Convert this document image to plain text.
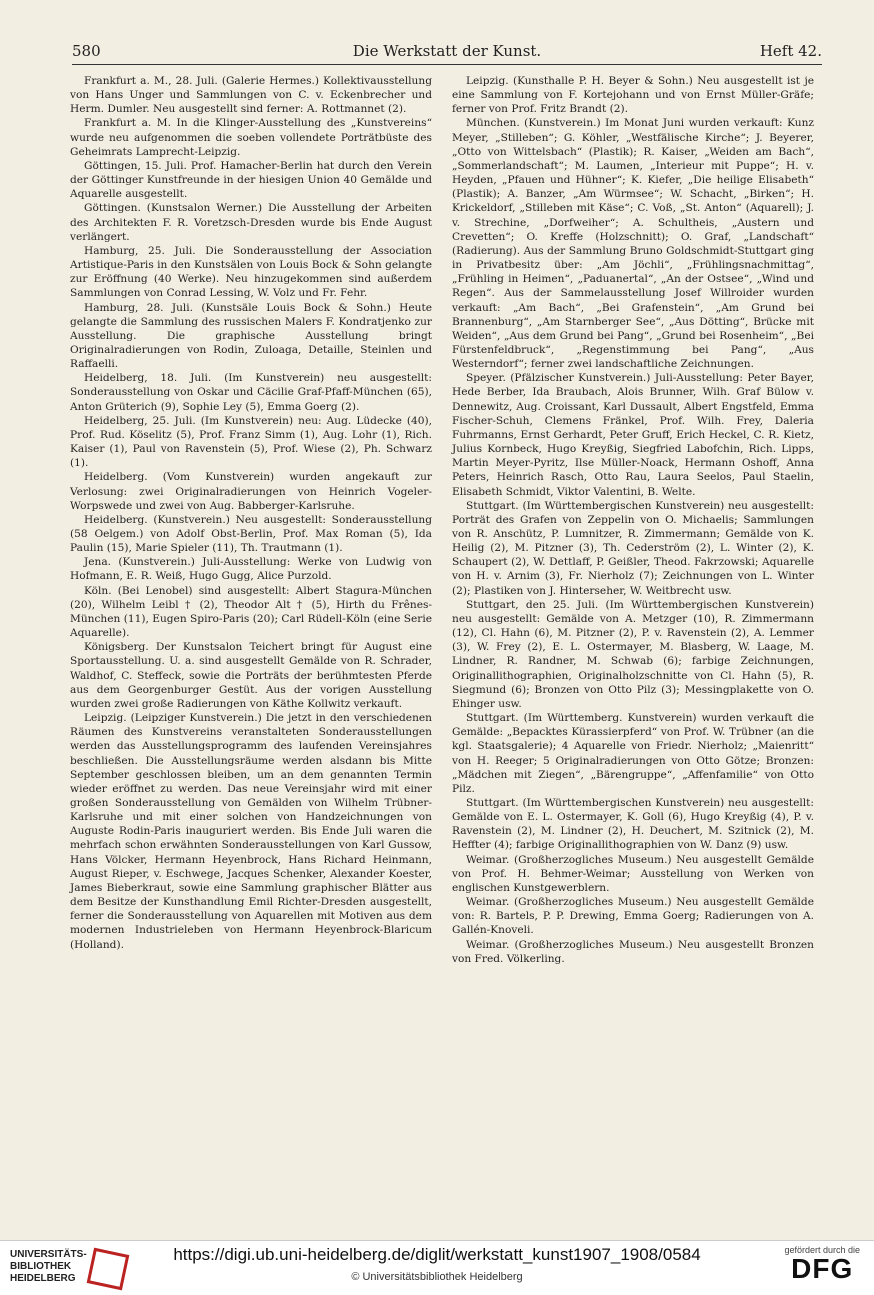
580	Die Werkstatt der Kunst.	Heft 42.

Frankfurt a. M., 28. Juli. (Galerie Hermes.) Kollektivausstellung von Hans Unger und Sammlungen von C. v. Eckenbrecher und Herm. Dumler. Neu ausgestellt sind ferner: A. Rottmannet (2).

Frankfurt a. M. In die Klinger-Ausstellung des „Kunstvereins“ wurde neu aufgenommen die soeben vollendete Porträtbüste des Geheimrats Lamprecht-Leipzig.

Göttingen, 15. Juli. Prof. Hamacher-Berlin hat durch den Verein der Göttinger Kunstfreunde in der hiesigen Union 40 Gemälde und Aquarelle ausgestellt.

Göttingen. (Kunstsalon Werner.) Die Ausstellung der Arbeiten des Architekten F. R. Voretzsch-Dresden wurde bis Ende August verlängert.

Hamburg, 25. Juli. Die Sonderausstellung der Association Artistique-Paris in den Kunstsälen von Louis Bock & Sohn gelangte zur Eröffnung (40 Werke). Neu hinzugekommen sind außerdem Sammlungen von Conrad Lessing, W. Volz und Fr. Fehr.

Hamburg, 28. Juli. (Kunstsäle Louis Bock & Sohn.) Heute gelangte die Sammlung des russischen Malers F. Kondratjenko zur Ausstellung. Die graphische Ausstellung bringt Originalradierungen von Rodin, Zuloaga, Detaille, Steinlen und Raffaelli.

Heidelberg, 18. Juli. (Im Kunstverein) neu ausgestellt: Sonderausstellung von Oskar und Cäcilie Graf-Pfaff-München (65), Anton Grüterich (9), Sophie Ley (5), Emma Goerg (2).

Heidelberg, 25. Juli. (Im Kunstverein) neu: Aug. Lüdecke (40), Prof. Rud. Köselitz (5), Prof. Franz Simm (1), Aug. Lohr (1), Rich. Kaiser (1), Paul von Ravenstein (5), Prof. Wiese (2), Ph. Schwarz (1).

Heidelberg. (Vom Kunstverein) wurden angekauft zur Verlosung: zwei Originalradierungen von Heinrich Vogeler-Worpswede und zwei von Aug. Babberger-Karlsruhe.

Heidelberg. (Kunstverein.) Neu ausgestellt: Sonderausstellung (58 Oelgem.) von Adolf Obst-Berlin, Prof. Max Roman (5), Ida Paulin (15), Marie Spieler (11), Th. Trautmann (1).

Jena. (Kunstverein.) Juli-Ausstellung: Werke von Ludwig von Hofmann, E. R. Weiß, Hugo Gugg, Alice Purzold.

Köln. (Bei Lenobel) sind ausgestellt: Albert Stagura-München (20), Wilhelm Leibl † (2), Theodor Alt † (5), Hirth du Frênes-München (11), Eugen Spiro-Paris (20); Carl Rüdell-Köln (eine Serie Aquarelle).

Königsberg. Der Kunstsalon Teichert bringt für August eine Sportausstellung. U. a. sind ausgestellt Gemälde von R. Schrader, Waldhof, C. Steffeck, sowie die Porträts der berühmtesten Pferde aus dem Georgenburger Gestüt. Aus der vorigen Ausstellung wurden zwei große Radierungen von Käthe Kollwitz verkauft.

Leipzig. (Leipziger Kunstverein.) Die jetzt in den verschiedenen Räumen des Kunstvereins veranstalteten Sonderausstellungen werden das Ausstellungsprogramm des laufenden Vereinsjahres beschließen. Die Ausstellungsräume werden alsdann bis Mitte September geschlossen bleiben, um an dem genannten Termin wieder eröffnet zu werden. Das neue Vereinsjahr wird mit einer großen Sonderausstellung von Gemälden von Wilhelm Trübner-Karlsruhe und mit einer solchen von Handzeichnungen von Auguste Rodin-Paris inauguriert werden. Bis Ende Juli waren die mehrfach schon erwähnten Sonderausstellungen von Karl Gussow, Hans Völcker, Hermann Heyenbrock, Hans Richard Heinmann, August Rieper, v. Eschwege, Jacques Schenker, Alexander Koester, James Bieberkraut, sowie eine Sammlung graphischer Blätter aus dem Besitze der Kunsthandlung Emil Richter-Dresden ausgestellt, ferner die Sonderausstellung von Aquarellen mit Motiven aus dem modernen Industrieleben von Hermann Heyenbrock-Blaricum (Holland).

Leipzig. (Kunsthalle P. H. Beyer & Sohn.) Neu ausgestellt ist je eine Sammlung von F. Kortejohann und von Ernst Müller-Gräfe; ferner von Prof. Fritz Brandt (2).

München. (Kunstverein.) Im Monat Juni wurden verkauft: Kunz Meyer, „Stilleben“; G. Köhler, „Westfälische Kirche“; J. Beyerer, „Otto von Wittelsbach“ (Plastik); R. Kaiser, „Weiden am Bach“, „Sommerlandschaft“; M. Laumen, „Interieur mit Puppe“; H. v. Heyden, „Pfauen und Hühner“; K. Kiefer, „Die heilige Elisabeth“ (Plastik); A. Banzer, „Am Würmsee“; W. Schacht, „Birken“; H. Krickeldorf, „Stilleben mit Käse“; C. Voß, „St. Anton“ (Aquarell); J. v. Strechine, „Dorfweiher“; A. Schultheis, „Austern und Crevetten“; O. Kreffe (Holzschnitt); O. Graf, „Landschaft“ (Radierung). Aus der Sammlung Bruno Goldschmidt-Stuttgart ging in Privatbesitz über: „Am Jöchli“, „Frühlingsnachmittag“, „Frühling in Heimen“, „Paduanertal“, „An der Ostsee“, „Wind und Regen“. Aus der Sammelausstellung Josef Willroider wurden verkauft: „Am Bach“, „Bei Grafenstein“, „Am Grund bei Brannenburg“, „Am Starnberger See“, „Aus Dötting“, Brücke mit Weiden“, „Aus dem Grund bei Pang“, „Grund bei Rosenheim“, „Bei Fürstenfeldbruck“, „Regenstimmung bei Pang“, „Aus Westerndorf“; ferner zwei landschaftliche Zeichnungen.

Speyer. (Pfälzischer Kunstverein.) Juli-Ausstellung: Peter Bayer, Hede Berber, Ida Braubach, Alois Brunner, Wilh. Graf Bülow v. Dennewitz, Aug. Croissant, Karl Dussault, Albert Engstfeld, Emma Fischer-Schuh, Clemens Fränkel, Prof. Wilh. Frey, Daleria Fuhrmanns, Ernst Gerhardt, Peter Gruff, Erich Heckel, C. R. Kietz, Julius Kornbeck, Hugo Kreyßig, Siegfried Labofchin, Rich. Lipps, Martin Meyer-Pyritz, Ilse Müller-Noack, Hermann Oshoff, Anna Peters, Heinrich Rasch, Otto Rau, Laura Seelos, Paul Staelin, Elisabeth Schmidt, Viktor Valentini, B. Welte.

Stuttgart. (Im Württembergischen Kunstverein) neu ausgestellt: Porträt des Grafen von Zeppelin von O. Michaelis; Sammlungen von R. Anschütz, P. Lumnitzer, R. Zimmermann; Gemälde von K. Heilig (2), M. Pitzner (3), Th. Cederström (2), L. Winter (2), K. Schaupert (2), W. Dettlaff, P. Geißler, Theod. Fakrzowski; Aquarelle von H. v. Arnim (3), Fr. Nierholz (7); Zeichnungen von L. Winter (2); Plastiken von J. Hinterseher, W. Weitbrecht usw.

Stuttgart, den 25. Juli. (Im Württembergischen Kunstverein) neu ausgestellt: Gemälde von A. Metzger (10), R. Zimmermann (12), Cl. Hahn (6), M. Pitzner (2), P. v. Ravenstein (2), A. Lemmer (3), W. Frey (2), E. L. Ostermayer, M. Blasberg, W. Laage, M. Lindner, R. Randner, M. Schwab (6); farbige Zeichnungen, Originallithographien, Originalholzschnitte von Cl. Hahn (5), R. Siegmund (6); Bronzen von Otto Pilz (3); Messingplakette von O. Ehinger usw.

Stuttgart. (Im Württemberg. Kunstverein) wurden verkauft die Gemälde: „Bepacktes Kürassierpferd“ von Prof. W. Trübner (an die kgl. Staatsgalerie); 4 Aquarelle von Friedr. Nierholz; „Maienritt“ von H. Reeger; 5 Originalradierungen von Otto Götze; Bronzen: „Mädchen mit Ziegen“, „Bärengruppe“, „Affenfamilie“ von Otto Pilz.

Stuttgart. (Im Württembergischen Kunstverein) neu ausgestellt: Gemälde von E. L. Ostermayer, K. Goll (6), Hugo Kreyßig (4), P. v. Ravenstein (2), M. Lindner (2), H. Deuchert, M. Szitnick (2), M. Heffter (4); farbige Originallithographien von W. Danz (9) usw.

Weimar. (Großherzogliches Museum.) Neu ausgestellt Gemälde von Prof. H. Behmer-Weimar; Ausstellung von Werken von englischen Kunstgewerblern.

Weimar. (Großherzogliches Museum.) Neu ausgestellt Gemälde von: R. Bartels, P. P. Drewing, Emma Goerg; Radierungen von A. Gallén-Knoveli.

Weimar. (Großherzogliches Museum.) Neu ausgestellt Bronzen von Fred. Völkerling.

UNIVERSITÄTS-
BIBLIOTHEK
HEIDELBERG
https://digi.ub.uni-heidelberg.de/diglit/werkstatt_kunst1907_1908/0584
© Universitätsbibliothek Heidelberg
gefördert durch die
DFG
